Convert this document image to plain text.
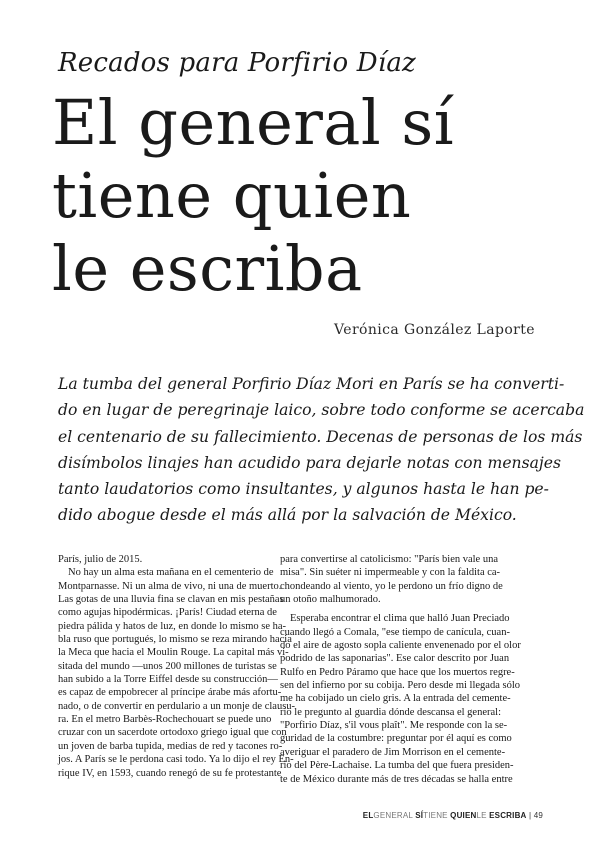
Recados para Porfirio Díaz
El general sí
tiene quien
le escriba
Verónica González Laporte
La tumba del general Porfirio Díaz Mori en París se ha converti-
do en lugar de peregrinaje laico, sobre todo conforme se acercaba
el centenario de su fallecimiento. Decenas de personas de los más
disímbolos linajes han acudido para dejarle notas con mensajes
tanto laudatorios como insultantes, y algunos hasta le han pe-
dido abogue desde el más allá por la salvación de México.
París, julio de 2015.
No hay un alma esta mañana en el cementerio de
Montparnasse. Ni un alma de vivo, ni una de muerto.
Las gotas de una lluvia fina se clavan en mis pestañas
como agujas hipodérmicas. ¡París! Ciudad eterna de
piedra pálida y hatos de luz, en donde lo mismo se ha-
bla ruso que portugués, lo mismo se reza mirando hacia
la Meca que hacia el Moulin Rouge. La capital más vi-
sitada del mundo —unos 200 millones de turistas se
han subido a la Torre Eiffel desde su construcción—
es capaz de empobrecer al príncipe árabe más afortu-
nado, o de convertir en perdulario a un monje de clausu-
ra. En el metro Barbès-Rochechouart se puede uno
cruzar con un sacerdote ortodoxo griego igual que con
un joven de barba tupida, medias de red y tacones ro-
jos. A París se le perdona casi todo. Ya lo dijo el rey En-
rique IV, en 1593, cuando renegó de su fe protestante
para convertirse al catolicismo: "París bien vale una
misa". Sin suéter ni impermeable y con la faldita ca-
chondeando al viento, yo le perdono un frío digno de
un otoño malhumorado.
Esperaba encontrar el clima que halló Juan Preciado
cuando llegó a Comala, "ese tiempo de canícula, cuan-
do el aire de agosto sopla caliente envenenado por el olor
podrido de las saponarias". Ese calor descrito por Juan
Rulfo en Pedro Páramo que hace que los muertos regre-
sen del infierno por su cobija. Pero desde mi llegada sólo
me ha cobijado un cielo gris. A la entrada del cemente-
rio le pregunto al guardia dónde descansa el general:
"Porfirio Díaz, s'il vous plaît". Me responde con la se-
guridad de la costumbre: preguntar por él aquí es como
averiguar el paradero de Jim Morrison en el cemente-
rio del Père-Lachaise. La tumba del que fuera presiden-
te de México durante más de tres décadas se halla entre
ELGENERAL SÍTIENE QUIENLE ESCRIBA | 49
